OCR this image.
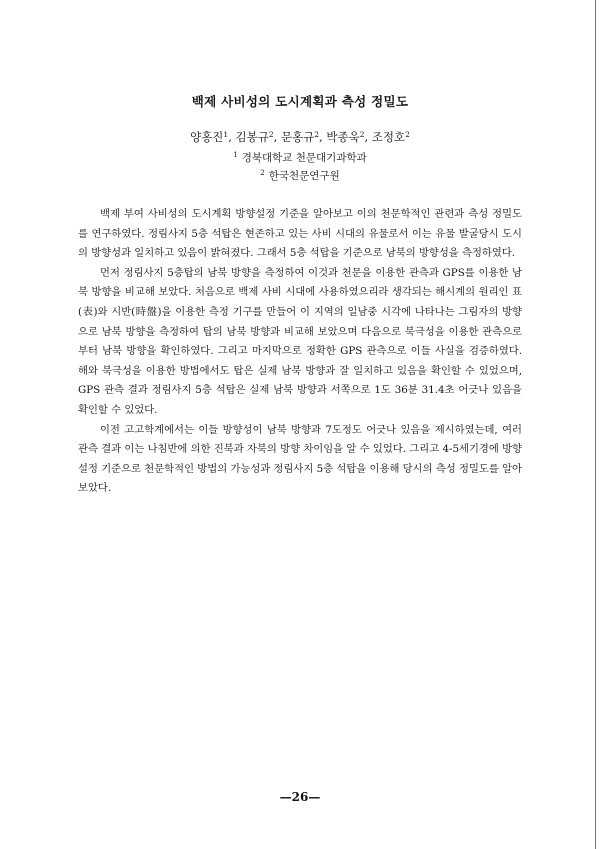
백제 사비성의 도시계획과 측성 정밀도
양홍진$^1$, 김봉규$^2$, 문홍규$^2$, 박종욱$^2$, 조정호$^2$
$^1$ 경북대학교 천문대기과학과
$^2$ 한국천문연구원

백제 부여 사비성의 도시계획 방향설정 기준을 알아보고 이의 천문학적인 관련과 측성 정밀도를 연구하였다. 정림사지 5층 석탑은 현존하고 있는 사비 시대의 유물로서 이는 유물 발굴당시 도시의 방향성과 일치하고 있음이 밝혀졌다. 그래서 5층 석탑을 기준으로 남북의 방향성을 측정하였다.

먼저 정림사지 5층탑의 남북 방향을 측정하여 이것과 천문을 이용한 관측과 GPS를 이용한 남북 방향을 비교해 보았다. 처음으로 백제 사비 시대에 사용하였으리라 생각되는 해시계의 원리인 표(表)와 시반(時盤)을 이용한 측정 기구를 만들어 이 지역의 일남중 시각에 나타나는 그림자의 방향으로 남북 방향을 측정하여 탑의 남북 방향과 비교해 보았으며 다음으로 북극성을 이용한 관측으로부터 남북 방향을 확인하였다. 그리고 마지막으로 정확한 GPS 관측으로 이들 사실을 검증하였다. 해와 북극성을 이용한 방법에서도 탑은 실제 남북 방향과 잘 일치하고 있음을 확인할 수 있었으며, GPS 관측 결과 정림사지 5층 석탑은 실제 남북 방향과 서쪽으로 1도 36분 31.4초 어긋나 있음을 확인할 수 있었다.

이전 고고학계에서는 이들 방향성이 남북 방향과 7도정도 어긋나 있음을 제시하였는데, 여러 관측 결과 이는 나침반에 의한 진북과 자북의 방향 차이임을 알 수 있었다. 그리고 4-5세기경에 방향 설정 기준으로 천문학적인 방법의 가능성과 정림사지 5층 석탑을 이용해 당시의 측성 정밀도를 알아보았다.

—26—
